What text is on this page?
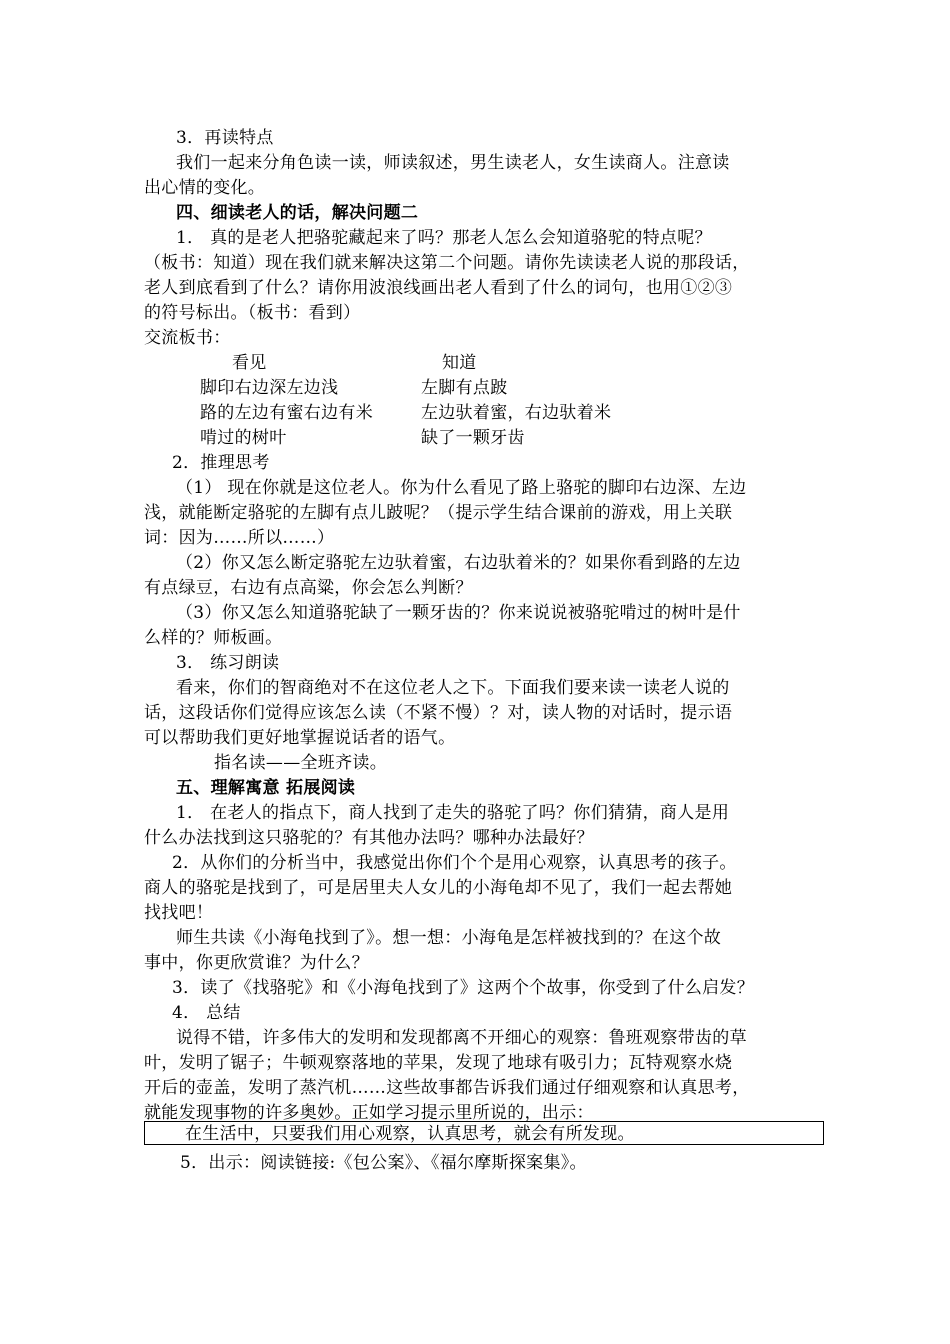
3．再读特点
我们一起来分角色读一读，师读叙述，男生读老人，女生读商人。注意读
出心情的变化。
四、细读老人的话，解决问题二
1． 真的是老人把骆驼藏起来了吗？那老人怎么会知道骆驼的特点呢？
（板书：知道）现在我们就来解决这第二个问题。请你先读读老人说的那段话，
老人到底看到了什么？请你用波浪线画出老人看到了什么的词句，也用①②③
的符号标出。（板书：看到）
交流板书：
看见	知道
脚印右边深左边浅	左脚有点跛
路的左边有蜜右边有米	左边驮着蜜，右边驮着米
啃过的树叶	缺了一颗牙齿
2．推理思考
（1） 现在你就是这位老人。你为什么看见了路上骆驼的脚印右边深、左边
浅，就能断定骆驼的左脚有点儿跛呢？（提示学生结合课前的游戏，用上关联
词：因为……所以……）
（2）你又怎么断定骆驼左边驮着蜜，右边驮着米的？如果你看到路的左边
有点绿豆，右边有点高粱，你会怎么判断？
（3）你又怎么知道骆驼缺了一颗牙齿的？你来说说被骆驼啃过的树叶是什
么样的？师板画。
3． 练习朗读
看来，你们的智商绝对不在这位老人之下。下面我们要来读一读老人说的
话，这段话你们觉得应该怎么读（不紧不慢）？对，读人物的对话时，提示语
可以帮助我们更好地掌握说话者的语气。
指名读——全班齐读。
五、理解寓意 拓展阅读
1． 在老人的指点下，商人找到了走失的骆驼了吗？你们猜猜，商人是用
什么办法找到这只骆驼的？有其他办法吗？哪种办法最好？
2．从你们的分析当中，我感觉出你们个个是用心观察，认真思考的孩子。
商人的骆驼是找到了，可是居里夫人女儿的小海龟却不见了，我们一起去帮她
找找吧！
师生共读《小海龟找到了》。想一想：小海龟是怎样被找到的？在这个故
事中，你更欣赏谁？为什么？
3．读了《找骆驼》和《小海龟找到了》这两个个故事，你受到了什么启发？
4． 总结
说得不错，许多伟大的发明和发现都离不开细心的观察：鲁班观察带齿的草
叶，发明了锯子；牛顿观察落地的苹果，发现了地球有吸引力；瓦特观察水烧
开后的壶盖，发明了蒸汽机……这些故事都告诉我们通过仔细观察和认真思考，
就能发现事物的许多奥妙。正如学习提示里所说的，出示：
在生活中，只要我们用心观察，认真思考，就会有所发现。
5．出示：阅读链接:《包公案》、《福尔摩斯探案集》。
